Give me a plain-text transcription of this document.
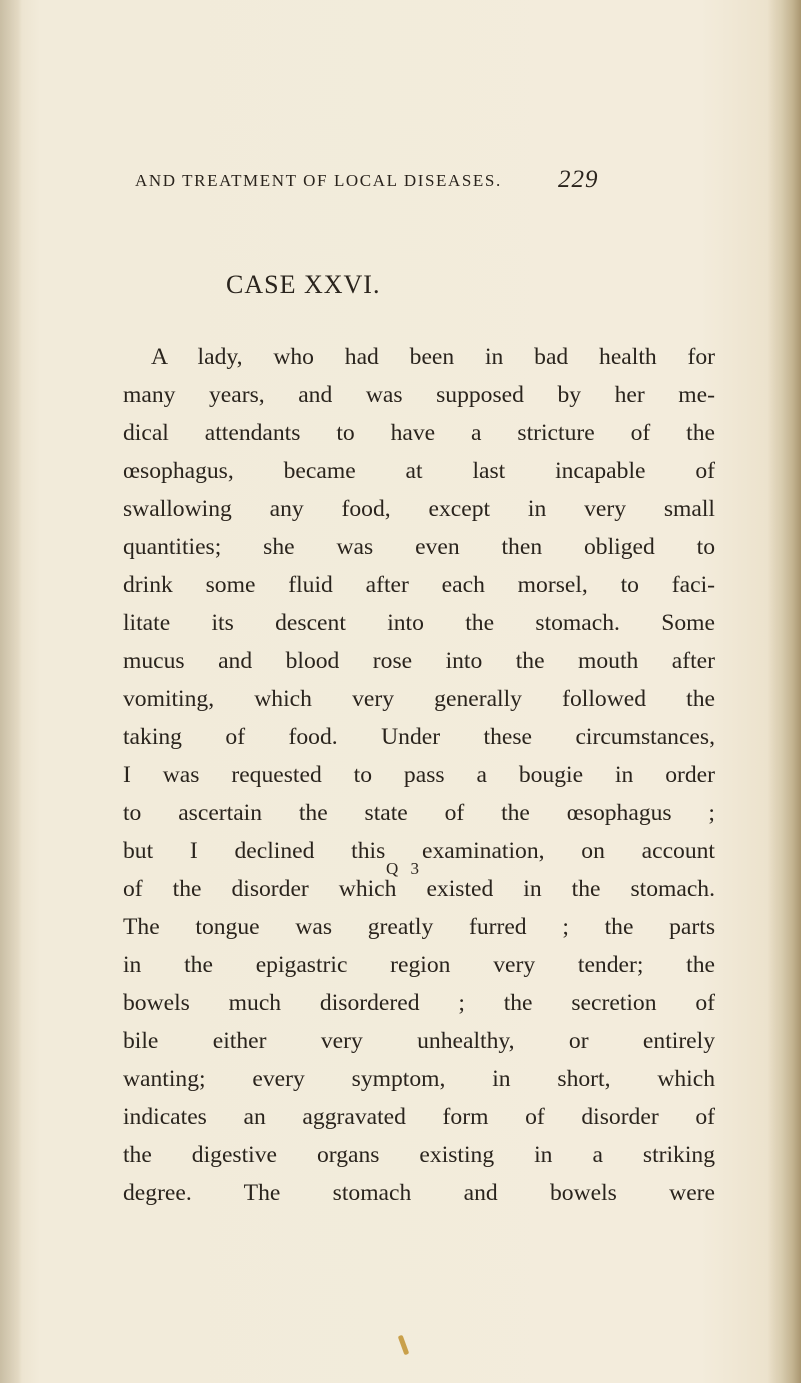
AND TREATMENT OF LOCAL DISEASES.	229
CASE XXVI.
A lady, who had been in bad health for
many years, and was supposed by her me-
dical attendants to have a stricture of the
œsophagus, became at last incapable of
swallowing any food, except in very small
quantities; she was even then obliged to
drink some fluid after each morsel, to faci-
litate its descent into the stomach. Some
mucus and blood rose into the mouth after
vomiting, which very generally followed the
taking of food. Under these circumstances,
I was requested to pass a bougie in order
to ascertain the state of the œsophagus ;
but I declined this examination, on account
of the disorder which existed in the stomach.
The tongue was greatly furred ; the parts
in the epigastric region very tender; the
bowels much disordered ; the secretion of
bile either very unhealthy, or entirely
wanting; every symptom, in short, which
indicates an aggravated form of disorder of
the digestive organs existing in a striking
degree. The stomach and bowels were
Q 3
